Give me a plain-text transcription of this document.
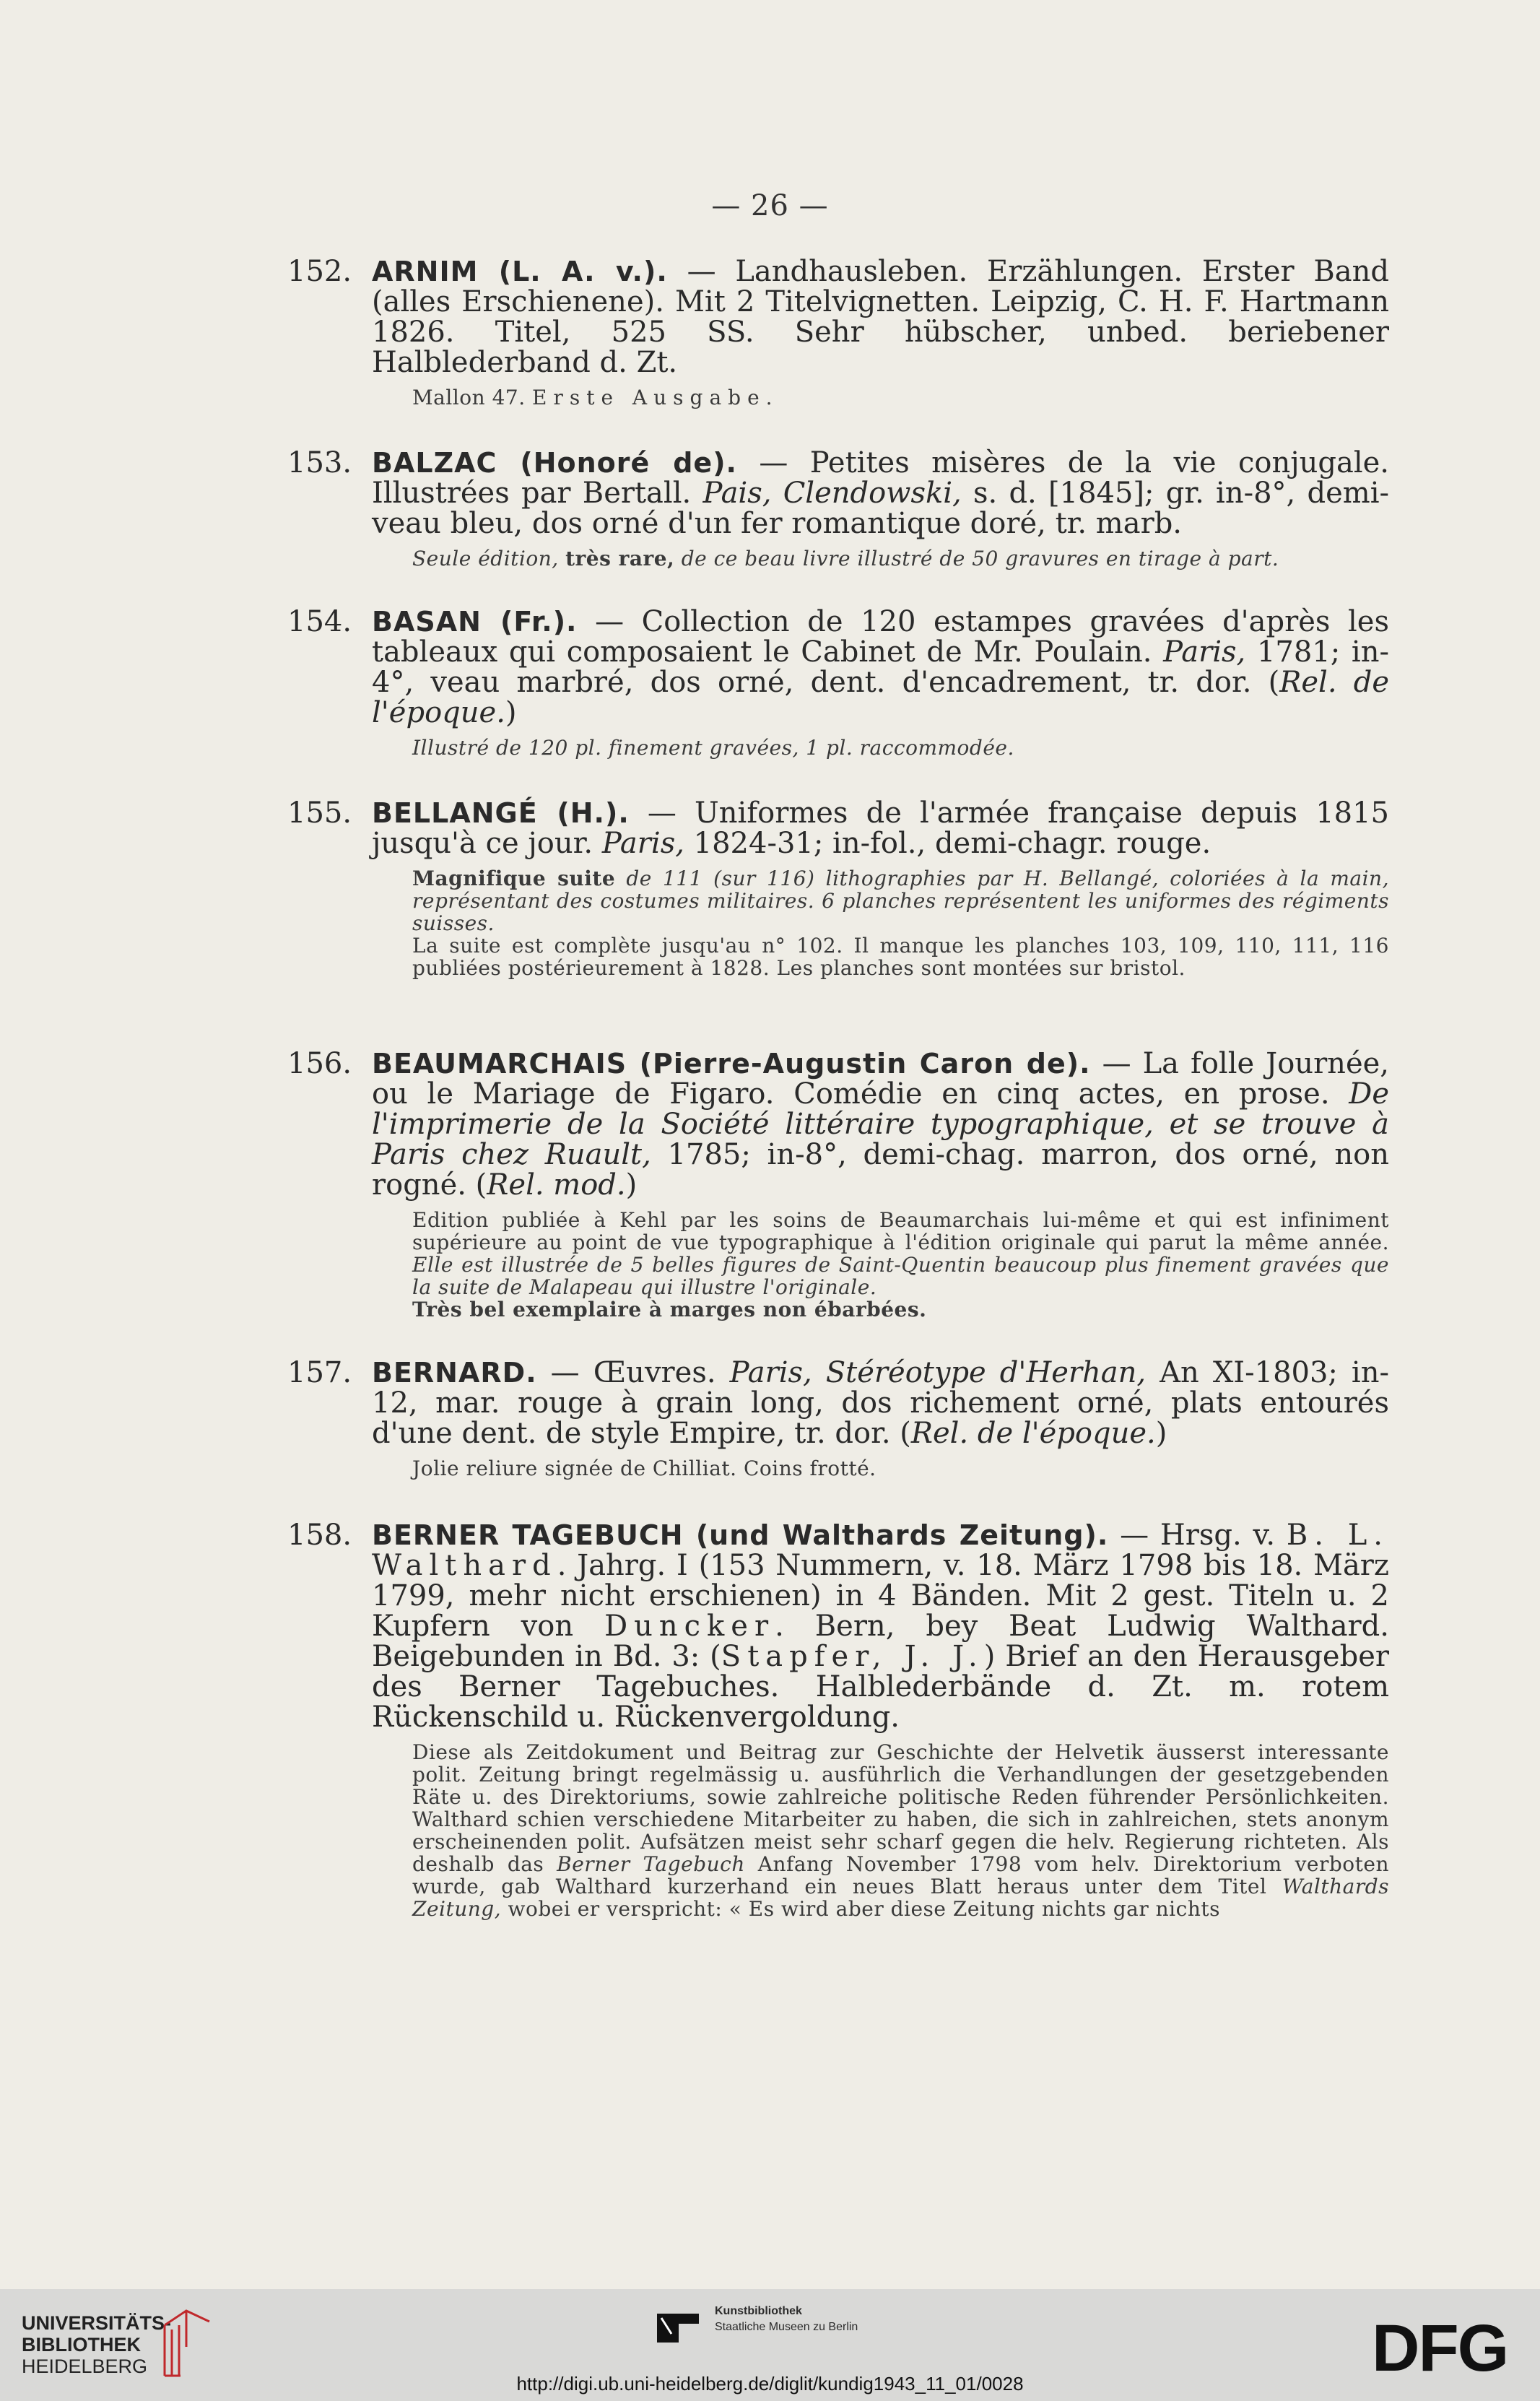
— 26 —
152. ARNIM (L. A. v.). — Landhausleben. Erzählungen. Erster Band (alles Erschienene). Mit 2 Titelvignetten. Leipzig, C. H. F. Hartmann 1826. Titel, 525 SS. Sehr hübscher, unbed. beriebener Halblederband d. Zt.
Mallon 47. Erste Ausgabe.
153. BALZAC (Honoré de). — Petites misères de la vie conjugale. Illustrées par Bertall. Pais, Clendowski, s. d. [1845]; gr. in-8°, demi-veau bleu, dos orné d'un fer romantique doré, tr. marb.
Seule édition, très rare, de ce beau livre illustré de 50 gravures en tirage à part.
154. BASAN (Fr.). — Collection de 120 estampes gravées d'après les tableaux qui composaient le Cabinet de Mr. Poulain. Paris, 1781; in-4°, veau marbré, dos orné, dent. d'encadrement, tr. dor. (Rel. de l'époque.)
Illustré de 120 pl. finement gravées, 1 pl. raccommodée.
155. BELLANGÉ (H.). — Uniformes de l'armée française depuis 1815 jusqu'à ce jour. Paris, 1824-31; in-fol., demi-chagr. rouge.
Magnifique suite de 111 (sur 116) lithographies par H. Bellangé, coloriées à la main, représentant des costumes militaires. 6 planches représentent les uniformes des régiments suisses.
La suite est complète jusqu'au n° 102. Il manque les planches 103, 109, 110, 111, 116 publiées postérieurement à 1828. Les planches sont montées sur bristol.
156. BEAUMARCHAIS (Pierre-Augustin Caron de). — La folle Journée, ou le Mariage de Figaro. Comédie en cinq actes, en prose. De l'imprimerie de la Société littéraire typographique, et se trouve à Paris chez Ruault, 1785; in-8°, demi-chag. marron, dos orné, non rogné. (Rel. mod.)
Edition publiée à Kehl par les soins de Beaumarchais lui-même et qui est infiniment supérieure au point de vue typographique à l'édition originale qui parut la même année. Elle est illustrée de 5 belles figures de Saint-Quentin beaucoup plus finement gravées que la suite de Malapeau qui illustre l'originale.
Très bel exemplaire à marges non ébarbées.
157. BERNARD. — Œuvres. Paris, Stéréotype d'Herhan, An XI-1803; in-12, mar. rouge à grain long, dos richement orné, plats entourés d'une dent. de style Empire, tr. dor. (Rel. de l'époque.)
Jolie reliure signée de Chilliat. Coins frotté.
158. BERNER TAGEBUCH (und Walthards Zeitung). — Hrsg. v. B. L. Walthard. Jahrg. I (153 Nummern, v. 18. März 1798 bis 18. März 1799, mehr nicht erschienen) in 4 Bänden. Mit 2 gest. Titeln u. 2 Kupfern von Duncker. Bern, bey Beat Ludwig Walthard. Beigebunden in Bd. 3: (Stapfer, J. J.) Brief an den Herausgeber des Berner Tagebuches. Halblederbände d. Zt. m. rotem Rückenschild u. Rückenvergoldung.
Diese als Zeitdokument und Beitrag zur Geschichte der Helvetik äusserst interessante polit. Zeitung bringt regelmässig u. ausführlich die Verhandlungen der gesetzgebenden Räte u. des Direktoriums, sowie zahlreiche politische Reden führender Persönlichkeiten. Walthard schien verschiedene Mitarbeiter zu haben, die sich in zahlreichen, stets anonym erscheinenden polit. Aufsätzen meist sehr scharf gegen die helv. Regierung richteten. Als deshalb das Berner Tagebuch Anfang November 1798 vom helv. Direktorium verboten wurde, gab Walthard kurzerhand ein neues Blatt heraus unter dem Titel Walthards Zeitung, wobei er verspricht: « Es wird aber diese Zeitung nichts gar nichts
UNIVERSITÄTS-
BIBLIOTHEK
HEIDELBERG
Kunstbibliothek
Staatliche Museen zu Berlin	DFG
http://digi.ub.uni-heidelberg.de/diglit/kundig1943_11_01/0028
